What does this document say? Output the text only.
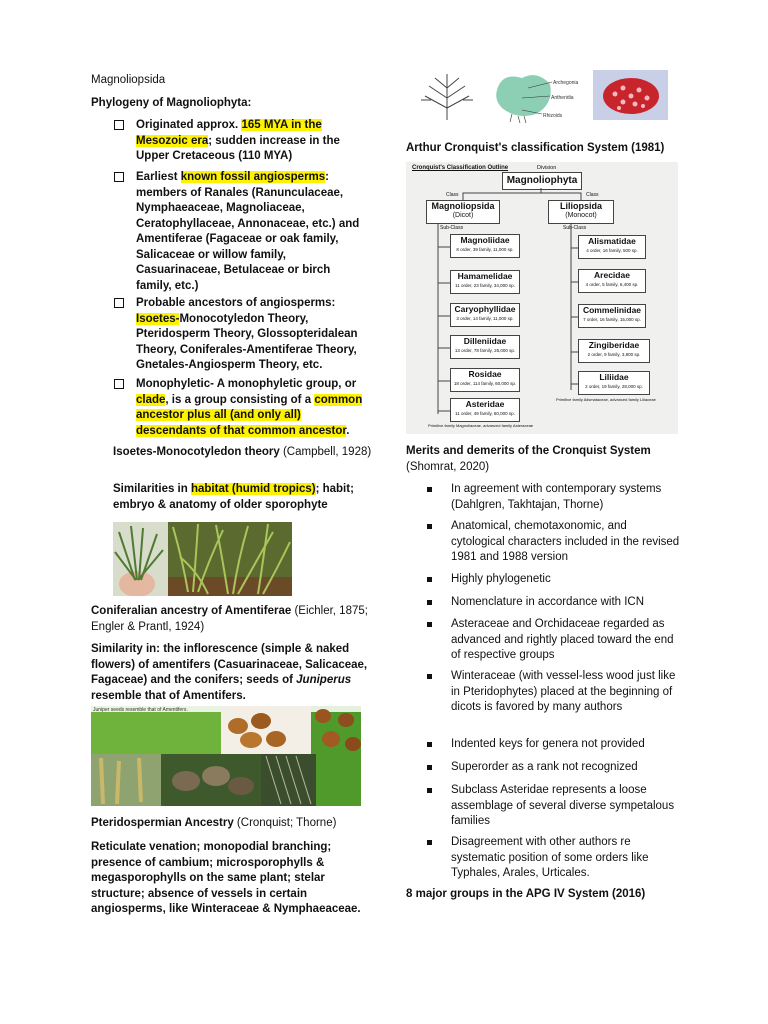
Magnoliopsida
Phylogeny of Magnoliophyta:
Originated approx. 165 MYA in the Mesozoic era; sudden increase in the Upper Cretaceous (110 MYA)
Earliest known fossil angiosperms: members of Ranales (Ranunculaceae, Nymphaeaceae, Magnoliaceae, Ceratophyllaceae, Annonaceae, etc.) and Amentiferae (Fagaceae or oak family, Salicaceae or willow family, Casuarinaceae, Betulaceae or birch family, etc.)
Probable ancestors of angiosperms: Isoetes-Monocotyledon Theory, Pteridosperm Theory, Glossopteridalean Theory, Coniferales-Amentiferae Theory, Gnetales-Angiosperm Theory, etc.
Monophyletic- A monophyletic group, or clade, is a group consisting of a common ancestor plus all (and only all) descendants of that common ancestor.
Isoetes-Monocotyledon theory (Campbell, 1928)
Similarities in habitat (humid tropics); habit; embryo & anatomy of older sporophyte
Coniferalian ancestry of Amentiferae (Eichler, 1875; Engler & Prantl, 1924)
Similarity in: the inflorescence (simple & naked flowers) of amentifers (Casuarinaceae, Salicaceae, Fagaceae) and the conifers; seeds of Juniperus resemble that of Amentifers.
Juniper seeds resemble that of Amentifers.
Pteridospermian Ancestry (Cronquist; Thorne)
Reticulate venation; monopodial branching; presence of cambium; microsporophylls & megasporophylls on the same plant; stelar structure; absence of vessels in certain angiosperms, like Winteraceae & Nymphaeaceae.
Archegonia
Antheridia
Rhizoids
Arthur Cronquist's classification System (1981)
Cronquist's Classification Outline	Division
Magnoliophyta
Class	Class
Magnoliopsida
(Dicot)
Liliopsida
(Monocot)
Sub-Class	Sub-Class
Magnoliidae
8 order, 39 family, 11,000 sp.
Hamamelidae
11 order, 23 family, 34,000 sp.
Caryophyllidae
3 order, 14 family, 11,000 sp.
Dilleniidae
13 order, 78 family, 25,000 sp.
Rosidae
18 order, 114 family, 60,000 sp.
Asteridae
11 order, 49 family, 60,000 sp.
Alismatidae
4 order, 16 family, 500 sp.
Arecidae
4 order, 5 family, 6,400 sp.
Commelinidae
7 order, 16 family, 15,000 sp.
Zingiberidae
2 order, 9 family, 3,800 sp.
Liliidae
2 order, 19 family, 28,000 sp.
Primitive family Magnoliaceae, advanced family Asteraceae
Primitive family Alismataceae, advanced family Liliaceae
Merits and demerits of the Cronquist System
(Shomrat, 2020)
In agreement with contemporary systems (Dahlgren, Takhtajan, Thorne)
Anatomical, chemotaxonomic, and cytological characters included in the revised 1981 and 1988 version
Highly phylogenetic
Nomenclature in accordance with ICN
Asteraceae and Orchidaceae regarded as advanced and rightly placed toward the end of respective groups
Winteraceae (with vessel-less wood just like in Pteridophytes) placed at the beginning of dicots is favored by many authors
Indented keys for genera not provided
Superorder as a rank not recognized
Subclass Asteridae represents a loose assemblage of several diverse sympetalous families
Disagreement with other authors re systematic position of some orders like Typhales, Arales, Urticales.
8 major groups in the APG IV System (2016)
